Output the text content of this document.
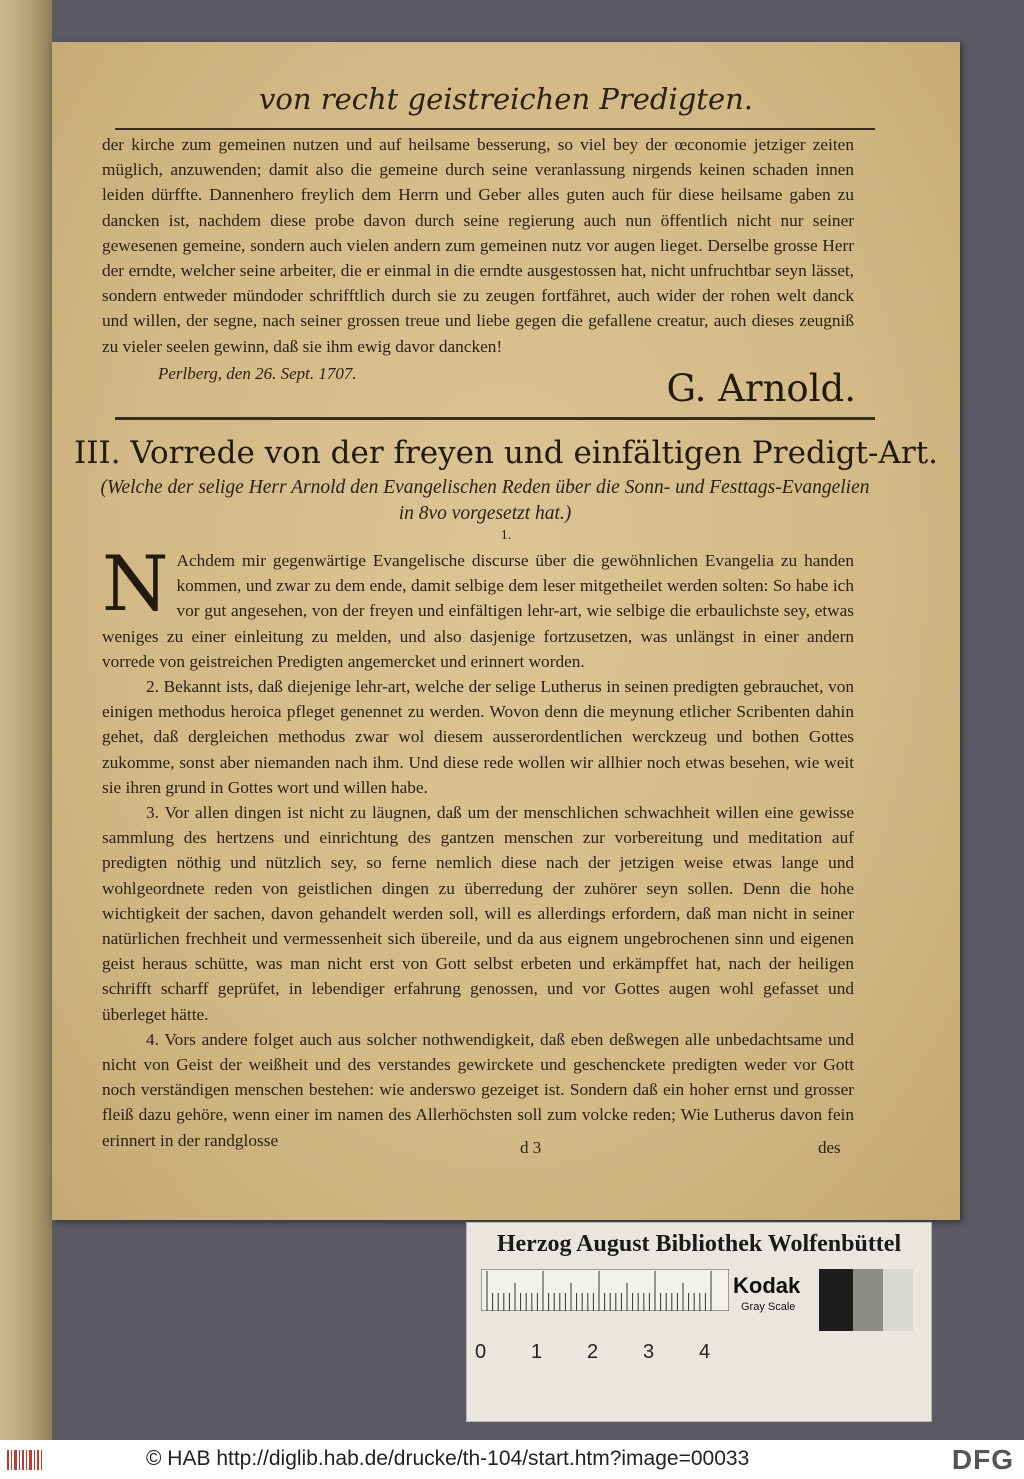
von recht geistreichen Predigten.

der kirche zum gemeinen nutzen und auf heilsame besserung, so viel bey der œconomie jetziger zeiten müglich, anzuwenden; damit also die gemeine durch seine veranlassung nirgends keinen schaden innen leiden dürffte. Dannenhero freylich dem Herrn und Geber alles guten auch für diese heilsame gaben zu dancken ist, nachdem diese probe davon durch seine regierung auch nun öffentlich nicht nur seiner gewesenen gemeine, sondern auch vielen andern zum gemeinen nutz vor augen lieget. Derselbe grosse Herr der erndte, welcher seine arbeiter, die er einmal in die erndte ausgestossen hat, nicht unfruchtbar seyn lässet, sondern entweder mündoder schrifftlich durch sie zu zeugen fortfähret, auch wider der rohen welt danck und willen, der segne, nach seiner grossen treue und liebe gegen die gefallene creatur, auch dieses zeugniß zu vieler seelen gewinn, daß sie ihm ewig davor dancken!

Perlberg, den 26. Sept. 1707.	G. Arnold.
III. Vorrede von der freyen und einfältigen Predigt-Art.
(Welche der selige Herr Arnold den Evangelischen Reden über die Sonn- und Festtags-Evangelien in 8vo vorgesetzt hat.)
1.

N Achdem mir gegenwärtige Evangelische discurse über die gewöhnlichen Evangelia zu handen kommen, und zwar zu dem ende, damit selbige dem leser mitgetheilet werden solten: So habe ich vor gut angesehen, von der freyen und einfältigen lehr-art, wie selbige die erbaulichste sey, etwas weniges zu einer einleitung zu melden, und also dasjenige fortzusetzen, was unlängst in einer andern vorrede von geistreichen Predigten angemercket und erinnert worden.

2. Bekannt ists, daß diejenige lehr-art, welche der selige Lutherus in seinen predigten gebrauchet, von einigen methodus heroica pfleget genennet zu werden. Wovon denn die meynung etlicher Scribenten dahin gehet, daß dergleichen methodus zwar wol diesem ausserordentlichen werckzeug und bothen Gottes zukomme, sonst aber niemanden nach ihm. Und diese rede wollen wir allhier noch etwas besehen, wie weit sie ihren grund in Gottes wort und willen habe.

3. Vor allen dingen ist nicht zu läugnen, daß um der menschlichen schwachheit willen eine gewisse sammlung des hertzens und einrichtung des gantzen menschen zur vorbereitung und meditation auf predigten nöthig und nützlich sey, so ferne nemlich diese nach der jetzigen weise etwas lange und wohlgeordnete reden von geistlichen dingen zu überredung der zuhörer seyn sollen. Denn die hohe wichtigkeit der sachen, davon gehandelt werden soll, will es allerdings erfordern, daß man nicht in seiner natürlichen frechheit und vermessenheit sich übereile, und da aus eignem ungebrochenen sinn und eigenen geist heraus schütte, was man nicht erst von Gott selbst erbeten und erkämpffet hat, nach der heiligen schrifft scharff geprüfet, in lebendiger erfahrung genossen, und vor Gottes augen wohl gefasset und überleget hätte.

4. Vors andere folget auch aus solcher nothwendigkeit, daß eben deßwegen alle unbedachtsame und nicht von Geist der weißheit und des verstandes gewirckete und geschenckete predigten weder vor Gott noch verständigen menschen bestehen: wie anderswo gezeiget ist. Sondern daß ein hoher ernst und grosser fleiß dazu gehöre, wenn einer im namen des Allerhöchsten soll zum volcke reden; Wie Lutherus davon fein erinnert in der randglosse	d 3	des
Herzog August Bibliothek Wolfenbüttel
0 1 2 3 4
Kodak
Gray Scale
© HAB http://diglib.hab.de/drucke/th-104/start.htm?image=00033	DFG
